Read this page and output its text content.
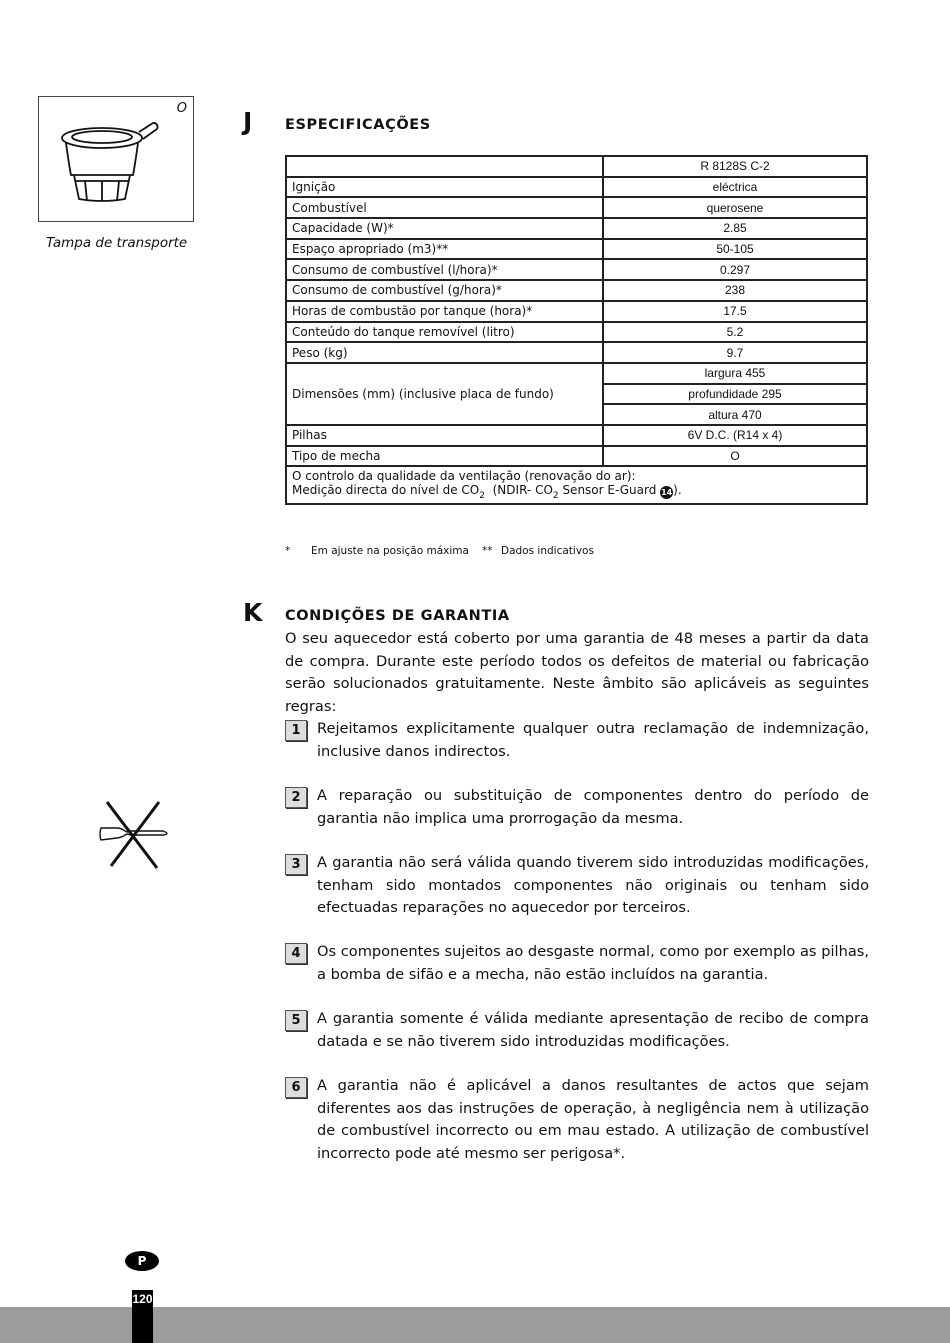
O
Tampa de transporte
J ESPECIFICAÇÕES
	R 8128S C-2
Ignição	eléctrica
Combustível	querosene
Capacidade (W)*	2.85
Espaço apropriado (m3)**	50-105
Consumo de combustível (l/hora)*	0.297
Consumo de combustível (g/hora)*	238
Horas de combustão por tanque (hora)*	17.5
Conteúdo do tanque removível (litro)	5.2
Peso (kg)	9.7
Dimensões (mm) (inclusive placa de fundo)	largura 455
	profundidade 295
	altura 470
Pilhas	6V D.C. (R14 x 4)
Tipo de mecha	O
O controlo da qualidade da ventilação (renovação do ar):
Medição directa do nível de $CO_2$  (NDIR- $CO_2$ Sensor E-Guard 14).	
* Em ajuste na posição máxima ** Dados indicativos
K CONDIÇÕES DE GARANTIA
O seu aquecedor está coberto por uma garantia de 48 meses a partir da data de compra. Durante este período todos os defeitos de material ou fabricação serão solucionados gratuitamente. Neste âmbito são aplicáveis as seguintes regras:
1	Rejeitamos explicitamente qualquer outra reclamação de indemnização, inclusive danos indirectos.
2	A reparação ou substituição de componentes dentro do período de garantia não implica uma prorrogação da mesma.
3	A garantia não será válida quando tiverem sido introduzidas modificações, tenham sido montados componentes não originais ou tenham sido efectuadas reparações no aquecedor por terceiros.
4	Os componentes sujeitos ao desgaste normal, como por exemplo as pilhas, a bomba de sifão e a mecha, não estão incluídos na garantia.
5	A garantia somente é válida mediante apresentação de recibo de compra datada e se não tiverem sido introduzidas modificações.
6	A garantia não é aplicável a danos resultantes de actos que sejam diferentes aos das instruções de operação, à negligência nem à utilização de combustível incorrecto ou em mau estado. A utilização de combustível incorrecto pode até mesmo ser perigosa*.
P
120
